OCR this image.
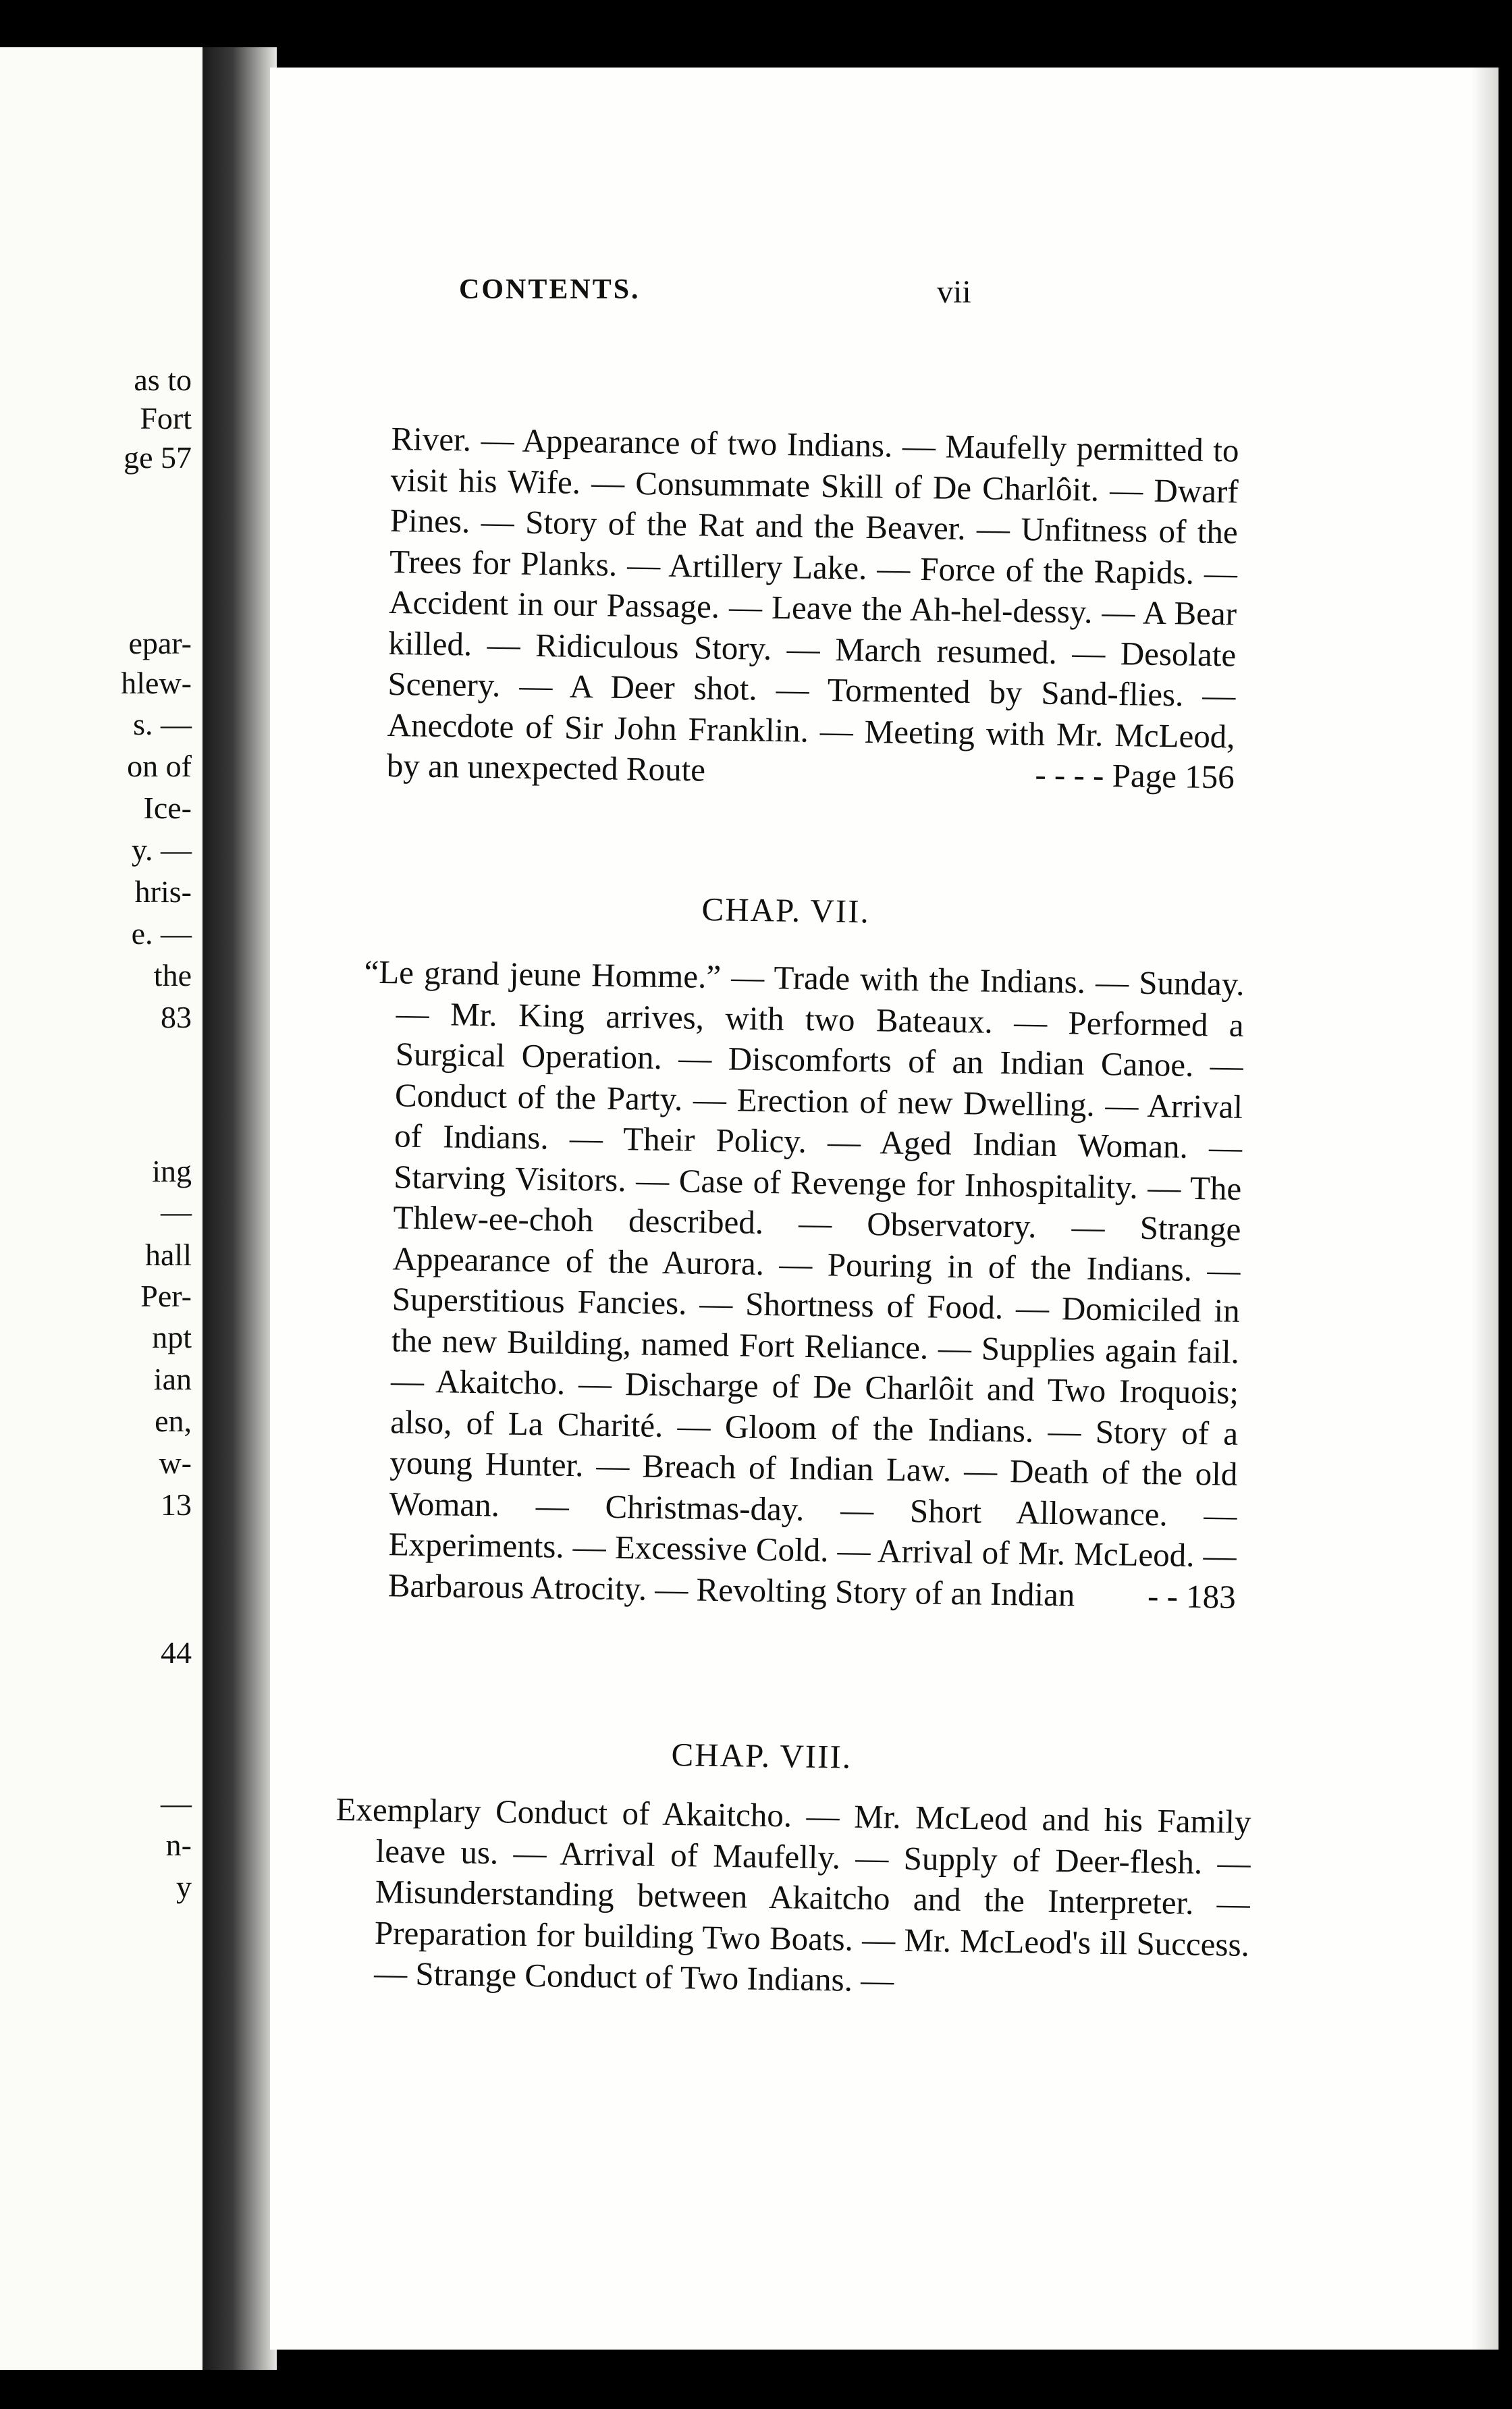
as to
Fort
ge 57
epar-
hlew-
s. —
on of
Ice-
y. —
hris-
e. —
the
83
ing
—
hall
Per-
npt
ian
en,
w-
13
44
—
n-
y
CONTENTS.	vii
River. — Appearance of two Indians. — Maufelly permitted to visit his Wife. — Consummate Skill of De Charlôit. — Dwarf Pines. — Story of the Rat and the Beaver. — Unfitness of the Trees for Planks. — Artillery Lake. — Force of the Rapids. — Accident in our Passage. — Leave the Ah-hel-dessy. — A Bear killed. — Ridiculous Story. — March resumed. — Desolate Scenery. — A Deer shot. — Tormented by Sand-flies. — Anecdote of Sir John Franklin. — Meeting with Mr. McLeod, by an unexpected Route	- - - - Page 156
CHAP. VII.
“Le grand jeune Homme.” — Trade with the Indians. — Sunday. — Mr. King arrives, with two Bateaux. — Performed a Surgical Operation. — Discomforts of an Indian Canoe. — Conduct of the Party. — Erection of new Dwelling. — Arrival of Indians. — Their Policy. — Aged Indian Woman. — Starving Visitors. — Case of Revenge for Inhospitality. — The Thlew-ee-choh described. — Observatory. — Strange Appearance of the Aurora. — Pouring in of the Indians. — Superstitious Fancies. — Shortness of Food. — Domiciled in the new Building, named Fort Reliance. — Supplies again fail. — Akaitcho. — Discharge of De Charlôit and Two Iroquois; also, of La Charité. — Gloom of the Indians. — Story of a young Hunter. — Breach of Indian Law. — Death of the old Woman. — Christmas-day. — Short Allowance. — Experiments. — Excessive Cold. — Arrival of Mr. McLeod. — Barbarous Atrocity. — Revolting Story of an Indian - - 183
CHAP. VIII.
Exemplary Conduct of Akaitcho. — Mr. McLeod and his Family leave us. — Arrival of Maufelly. — Supply of Deer-flesh. — Misunderstanding between Akaitcho and the Interpreter. — Preparation for building Two Boats. — Mr. McLeod's ill Success. — Strange Conduct of Two Indians. —
